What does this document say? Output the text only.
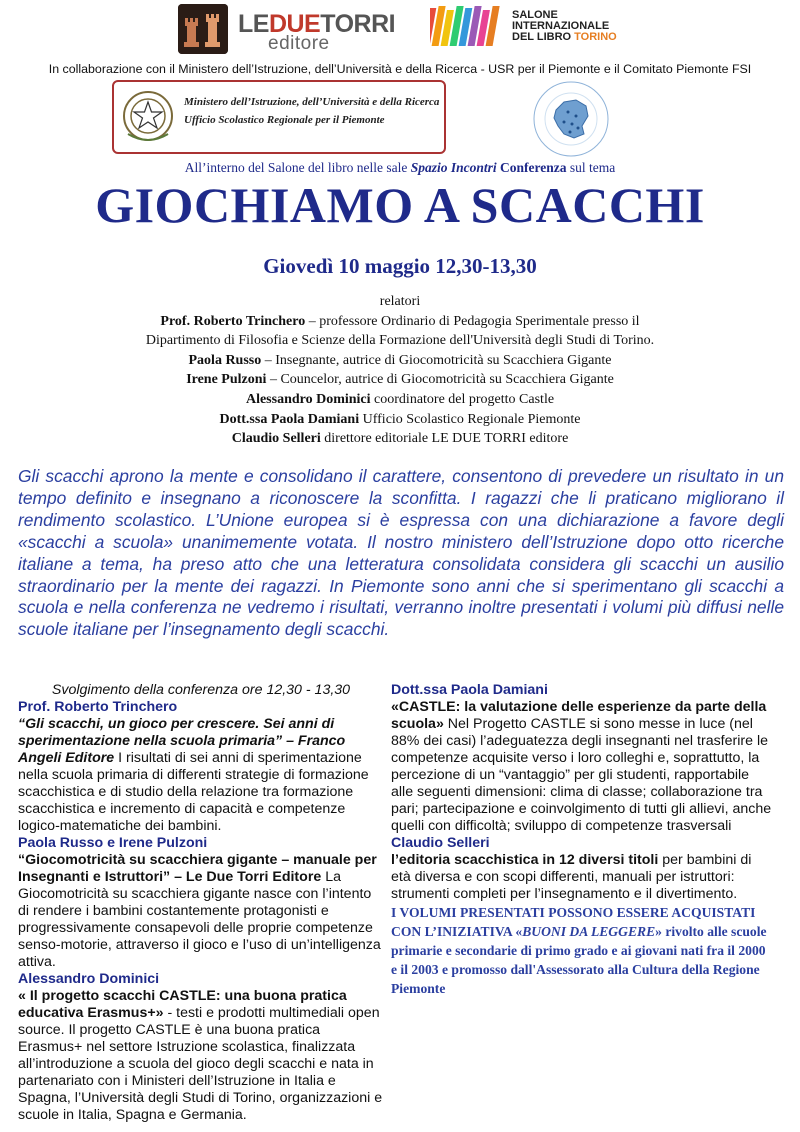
LEDUETORRI
editore
SALONE
INTERNAZIONALE
DEL LIBRO TORINO
In collaborazione con il Ministero dell’Istruzione, dell’Università e della Ricerca - USR per il Piemonte e il Comitato Piemonte FSI
Ministero dell’Istruzione, dell’Università e della Ricerca
Ufficio Scolastico Regionale per il Piemonte
All’interno del Salone del libro nelle sale Spazio Incontri Conferenza sul tema
GIOCHIAMO A SCACCHI
Giovedì 10 maggio 12,30-13,30
relatori
Prof. Roberto Trinchero – professore Ordinario di Pedagogia Sperimentale presso il
Dipartimento di Filosofia e Scienze della Formazione dell'Università degli Studi di Torino.
Paola Russo – Insegnante, autrice di Giocomotricità su Scacchiera Gigante
Irene Pulzoni – Councelor, autrice di Giocomotricità su Scacchiera Gigante
Alessandro Dominici coordinatore del progetto Castle
Dott.ssa Paola Damiani Ufficio Scolastico Regionale Piemonte
Claudio Selleri direttore editoriale LE DUE TORRI editore
Gli scacchi aprono la mente e consolidano il carattere, consentono di prevedere un risultato in un tempo definito e insegnano a riconoscere la sconfitta. I ragazzi che li praticano migliorano il rendimento scolastico. L’Unione europea si è espressa con una dichiarazione a favore degli «scacchi a scuola» unanimemente votata. Il nostro ministero dell’Istruzione dopo otto ricerche italiane a tema, ha preso atto che una letteratura consolidata considera gli scacchi un ausilio straordinario per la mente dei ragazzi. In Piemonte sono anni che si sperimentano gli scacchi a scuola e nella conferenza ne vedremo i risultati, verranno inoltre presentati i volumi più diffusi nelle scuole italiane per l’insegnamento degli scacchi.

Svolgimento della conferenza ore 12,30 - 13,30

Prof. Roberto Trinchero

“Gli scacchi, un gioco per crescere. Sei anni di sperimentazione nella scuola primaria” – Franco Angeli Editore I risultati di sei anni di sperimentazione nella scuola primaria di differenti strategie di formazione scacchistica e di studio della relazione tra formazione scacchistica e incremento di capacità e competenze logico-matematiche dei bambini.

Paola Russo e Irene Pulzoni

“Giocomotricità su scacchiera gigante – manuale per Insegnanti e Istruttori” – Le Due Torri Editore La Giocomotricità su scacchiera gigante nasce con l’intento di rendere i bambini costantemente protagonisti e progressivamente consapevoli delle proprie competenze senso-motorie, attraverso il gioco e l’uso di un’intelligenza attiva.

Alessandro Dominici

« Il progetto scacchi CASTLE: una buona pratica educativa Erasmus+» - testi e prodotti multimediali open source. Il progetto CASTLE è una buona pratica Erasmus+ nel settore Istruzione scolastica, finalizzata all’introduzione a scuola del gioco degli scacchi e nata in partenariato con i Ministeri dell’Istruzione in Italia e Spagna, l’Università degli Studi di Torino, organizzazioni e scuole in Italia, Spagna e Germania.

Dott.ssa Paola Damiani

«CASTLE: la valutazione delle esperienze da parte della scuola» Nel Progetto CASTLE si sono messe in luce (nel 88% dei casi) l’adeguatezza degli insegnanti nel trasferire le competenze acquisite verso i loro colleghi e, soprattutto, la percezione di un “vantaggio” per gli studenti, rapportabile alle seguenti dimensioni: clima di classe; collaborazione tra pari; partecipazione e coinvolgimento di tutti gli allievi, anche quelli con difficoltà; sviluppo di competenze trasversali

Claudio Selleri

l’editoria scacchistica in 12 diversi titoli per bambini di età diversa e con scopi differenti, manuali per istruttori: strumenti completi per l’insegnamento e il divertimento.

I VOLUMI PRESENTATI POSSONO ESSERE ACQUISTATI CON L’INIZIATIVA «BUONI DA LEGGERE» rivolto alle scuole primarie e secondarie di primo grado e ai giovani nati fra il 2000 e il 2003 e promosso dall'Assessorato alla Cultura della Regione Piemonte
